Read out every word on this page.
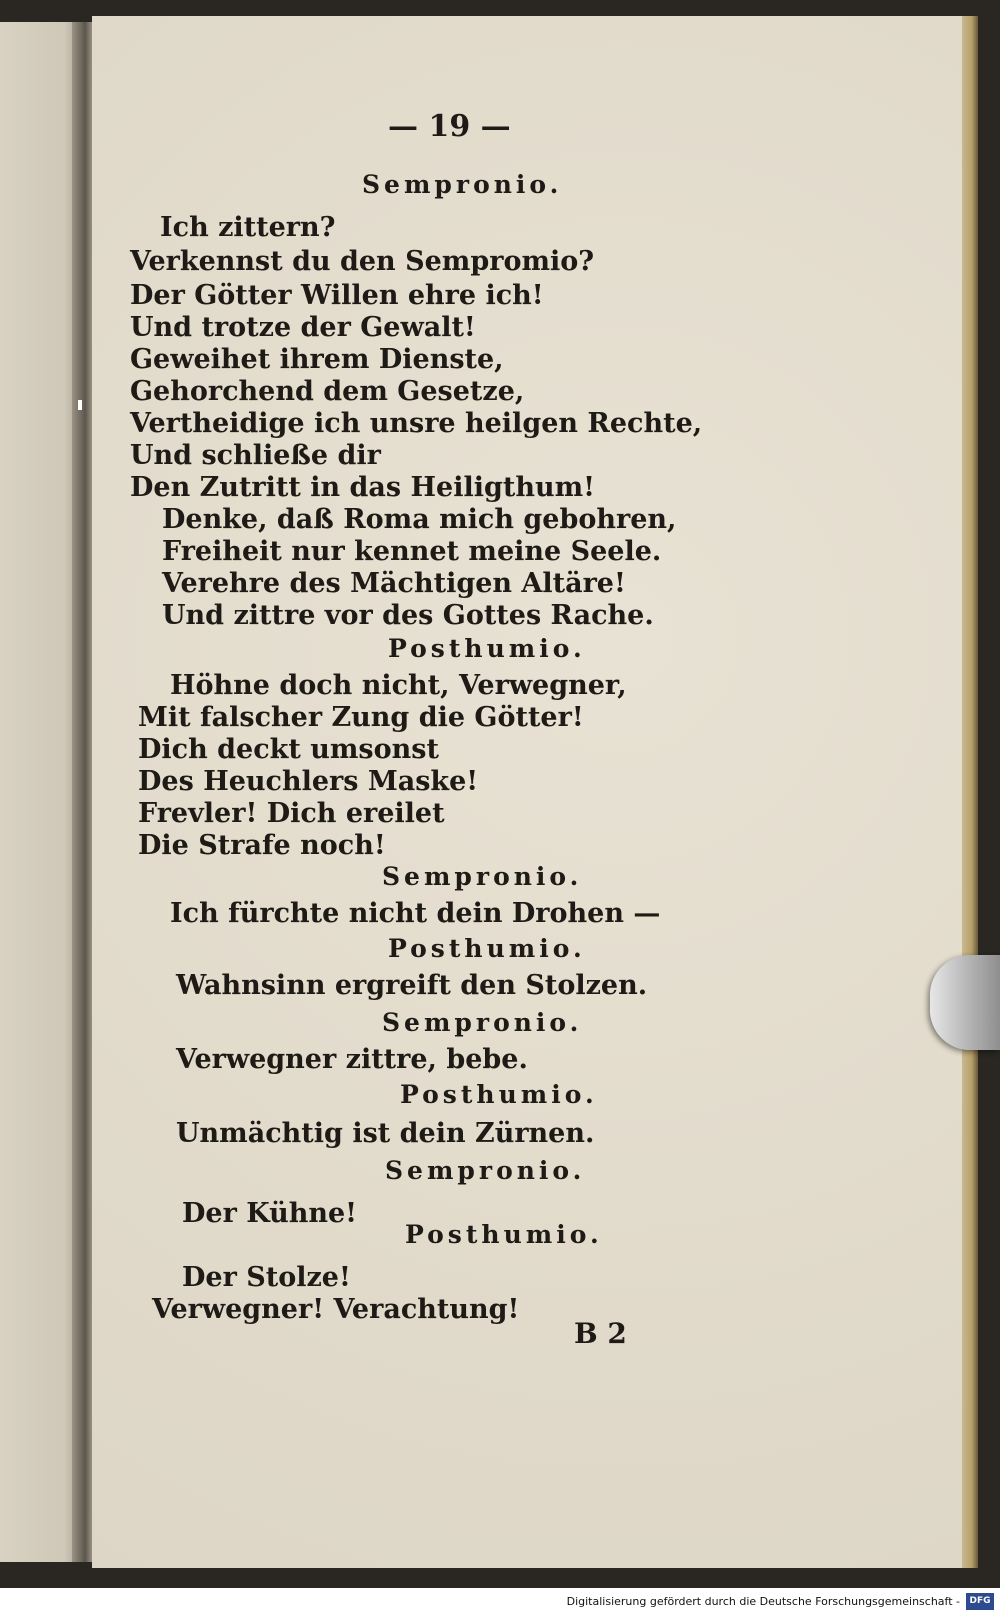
— 19 —
Sempronio.
Ich zittern?
Verkennst du den Sempromio?
Der Götter Willen ehre ich!
Und trotze der Gewalt!
Geweihet ihrem Dienste,
Gehorchend dem Gesetze,
Vertheidige ich unsre heilgen Rechte,
Und schließe dir
Den Zutritt in das Heiligthum!
Denke, daß Roma mich gebohren,
Freiheit nur kennet meine Seele.
Verehre des Mächtigen Altäre!
Und zittre vor des Gottes Rache.
Posthumio.
Höhne doch nicht, Verwegner,
Mit falscher Zung die Götter!
Dich deckt umsonst
Des Heuchlers Maske!
Frevler! Dich ereilet
Die Strafe noch!
Sempronio.
Ich fürchte nicht dein Drohen —
Posthumio.
Wahnsinn ergreift den Stolzen.
Sempronio.
Verwegner zittre, bebe.
Posthumio.
Unmächtig ist dein Zürnen.
Sempronio.
Der Kühne!
Posthumio.
Der Stolze!
Verwegner! Verachtung!
B 2
Digitalisierung gefördert durch die Deutsche Forschungsgemeinschaft -	DFG
